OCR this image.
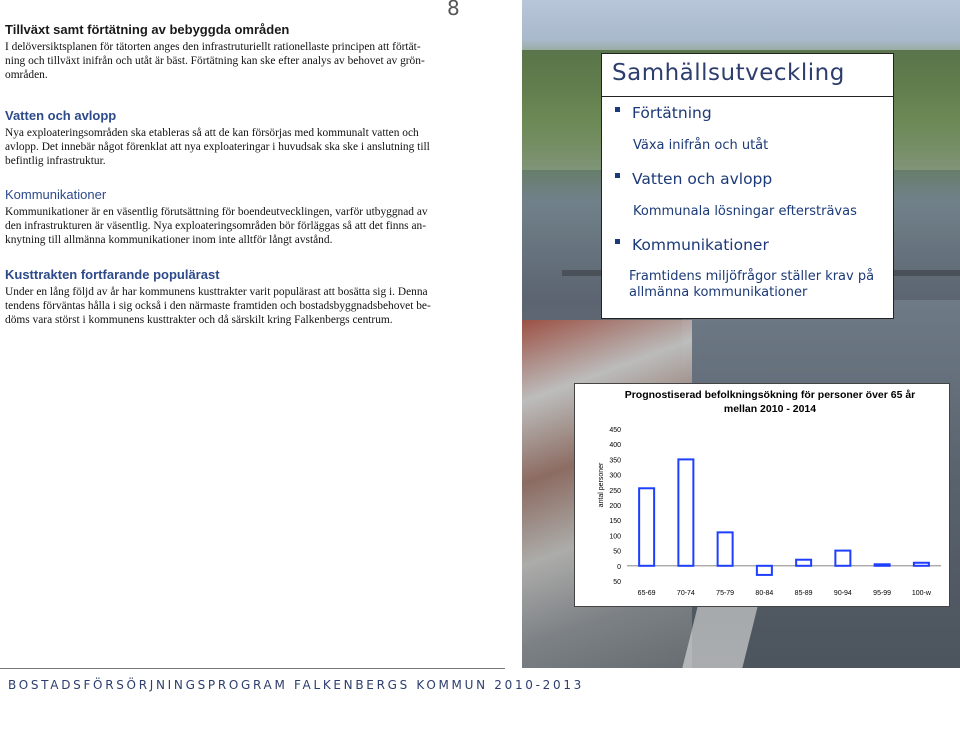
8

Tillväxt samt förtätning av bebyggda områden

I delöversiktsplanen för tätorten anges den infrastruturiellt rationellaste principen att förtät-

ning och tillväxt inifrån och utåt är bäst. Förtätning kan ske efter analys av behovet av grön-

områden.

Vatten och avlopp

Nya exploateringsområden ska etableras så att de kan försörjas med kommunalt vatten och

avlopp. Det innebär något förenklat att nya exploateringar i huvudsak ska ske i anslutning till

befintlig infrastruktur.

Kommunikationer

Kommunikationer är en väsentlig förutsättning för boendeutvecklingen, varför utbyggnad av

den infrastrukturen är väsentlig. Nya exploateringsområden bör förläggas så att det finns an-

knytning till allmänna kommunikationer inom inte alltför långt avstånd.

Kusttrakten fortfarande populärast

Under en lång följd av år har kommunens kusttrakter varit populärast att bosätta sig i. Denna

tendens förväntas hålla i sig också i den närmaste framtiden och bostadsbyggnadsbehovet be-

döms vara störst i kommunens kusttrakter och då särskilt kring Falkenbergs centrum.

Samhällsutveckling
Förtätning
Växa inifrån och utåt
Vatten och avlopp
Kommunala lösningar eftersträvas
Kommunikationer
Framtidens miljöfrågor ställer krav på
allmänna kommunikationer
Prognostiserad befolkningsökning för personer över 65 år
mellan 2010 - 2014
450
400
350
300
250
200
150
100
50
0
50
antal personer
65-69	70-74	75-79	80-84	85-89	90-94	95-99	100-w
BOSTADSFÖRSÖRJNINGSPROGRAM FALKENBERGS KOMMUN 2010-2013
